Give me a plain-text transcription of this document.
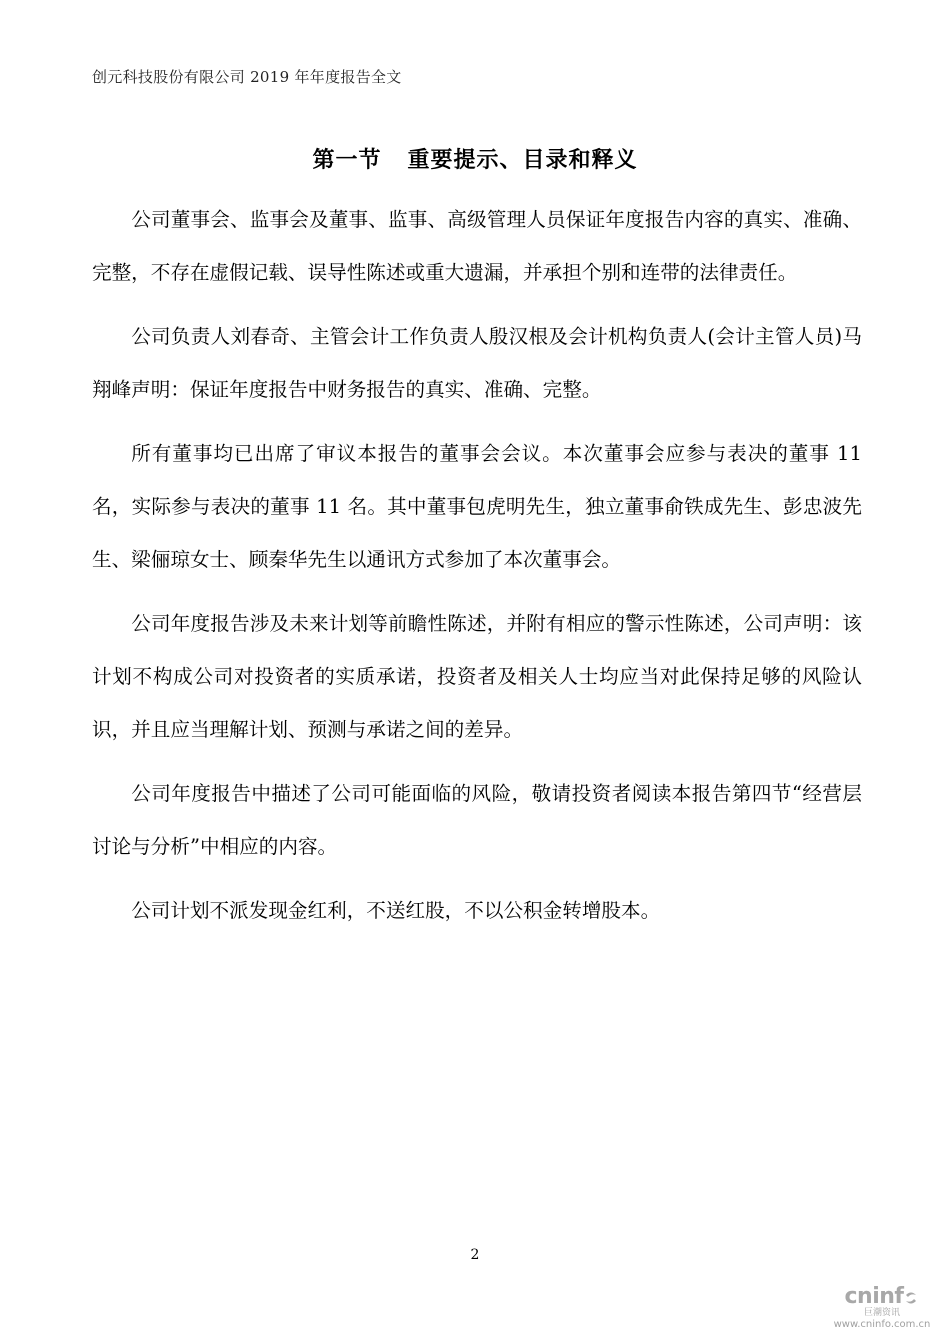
创元科技股份有限公司 2019 年年度报告全文
第一节 重要提示、目录和释义

公司董事会、监事会及董事、监事、高级管理人员保证年度报告内容的真实、准确、完整，不存在虚假记载、误导性陈述或重大遗漏，并承担个别和连带的法律责任。

公司负责人刘春奇、主管会计工作负责人殷汉根及会计机构负责人(会计主管人员)马翔峰声明：保证年度报告中财务报告的真实、准确、完整。

所有董事均已出席了审议本报告的董事会会议。本次董事会应参与表决的董事 11 名，实际参与表决的董事 11 名。其中董事包虎明先生，独立董事俞铁成先生、彭忠波先生、梁俪琼女士、顾秦华先生以通讯方式参加了本次董事会。

公司年度报告涉及未来计划等前瞻性陈述，并附有相应的警示性陈述，公司声明：该计划不构成公司对投资者的实质承诺，投资者及相关人士均应当对此保持足够的风险认识，并且应当理解计划、预测与承诺之间的差异。

公司年度报告中描述了公司可能面临的风险，敬请投资者阅读本报告第四节“经营层讨论与分析”中相应的内容。

公司计划不派发现金红利，不送红股，不以公积金转增股本。

2
cninf
巨潮资讯
www.cninfo.com.cn
